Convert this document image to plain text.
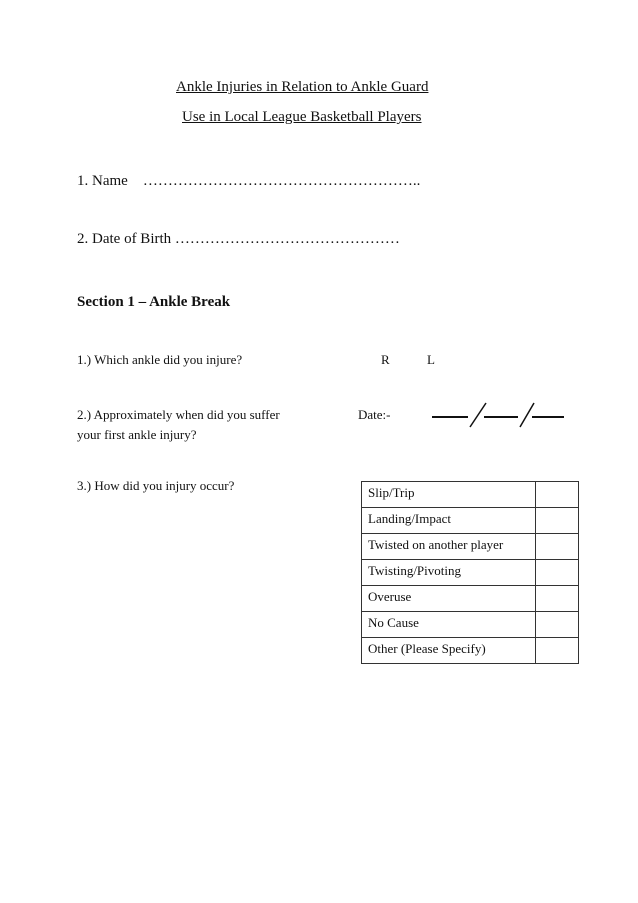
Ankle Injuries in Relation to Ankle Guard
Use in Local League Basketball Players
1. Name ………………………………………………..
2. Date of Birth ………………………………………
Section 1 – Ankle Break
1.) Which ankle did you injure?	R	L
2.) Approximately when did you suffer
your first ankle injury?
Date:-
3.) How did you injury occur?	Slip/Trip	
Landing/Impact	
Twisted on another player	
Twisting/Pivoting	
Overuse	
No Cause	
Other (Please Specify)	
